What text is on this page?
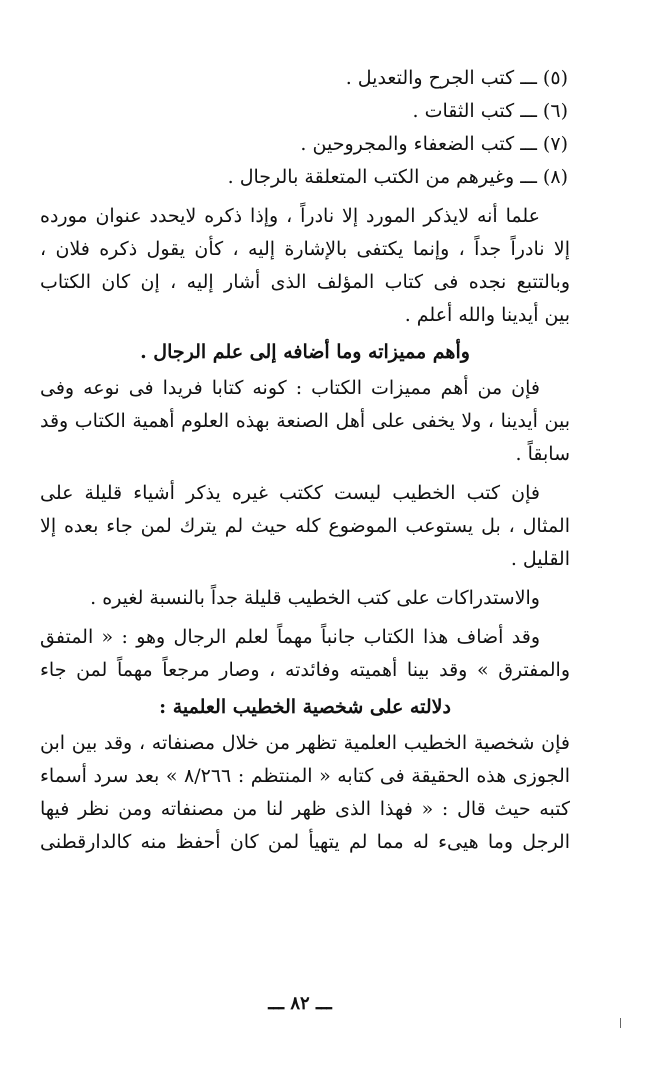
(٥) ـــ كتب الجرح والتعديل .
(٦) ـــ كتب الثقات .
(٧) ـــ كتب الضعفاء والمجروحين .
(٨) ـــ وغيرهم من الكتب المتعلقة بالرجال .
علما أنه لايذكر المورد إلا نادراً ، وإذا ذكره لايحدد عنوان مورده
إلا نادراً جداً ، وإنما يكتفى بالإشارة إليه ، كأن يقول ذكره فلان ،
وبالتتبع نجده فى كتاب المؤلف الذى أشار إليه ، إن كان الكتاب
بين أيدينا والله أعلم .
وأهم مميزاته وما أضافه إلى علم الرجال .
فإن من أهم مميزات الكتاب : كونه كتابا فريدا فى نوعه وفى
بين أيدينا ، ولا يخفى على أهل الصنعة بهذه العلوم أهمية الكتاب وقد
سابقاً .
فإن كتب الخطيب ليست ككتب غيره يذكر أشياء قليلة على
المثال ، بل يستوعب الموضوع كله حيث لم يترك لمن جاء بعده إلا
القليل .
والاستدراكات على كتب الخطيب قليلة جداً بالنسبة لغيره .
وقد أضاف هذا الكتاب جانباً مهماً لعلم الرجال وهو : « المتفق
والمفترق » وقد بينا أهميته وفائدته ، وصار مرجعاً مهماً لمن جاء
دلالته على شخصية الخطيب العلمية :
فإن شخصية الخطيب العلمية تظهر من خلال مصنفاته ، وقد بين ابن
الجوزى هذه الحقيقة فى كتابه « المنتظم : ٨/٢٦٦ » بعد سرد أسماء
كتبه حيث قال : « فهذا الذى ظهر لنا من مصنفاته ومن نظر فيها
الرجل وما هيىء له مما لم يتهيأ لمن كان أحفظ منه كالدارقطنى
ـــ ٨٢ ـــ
